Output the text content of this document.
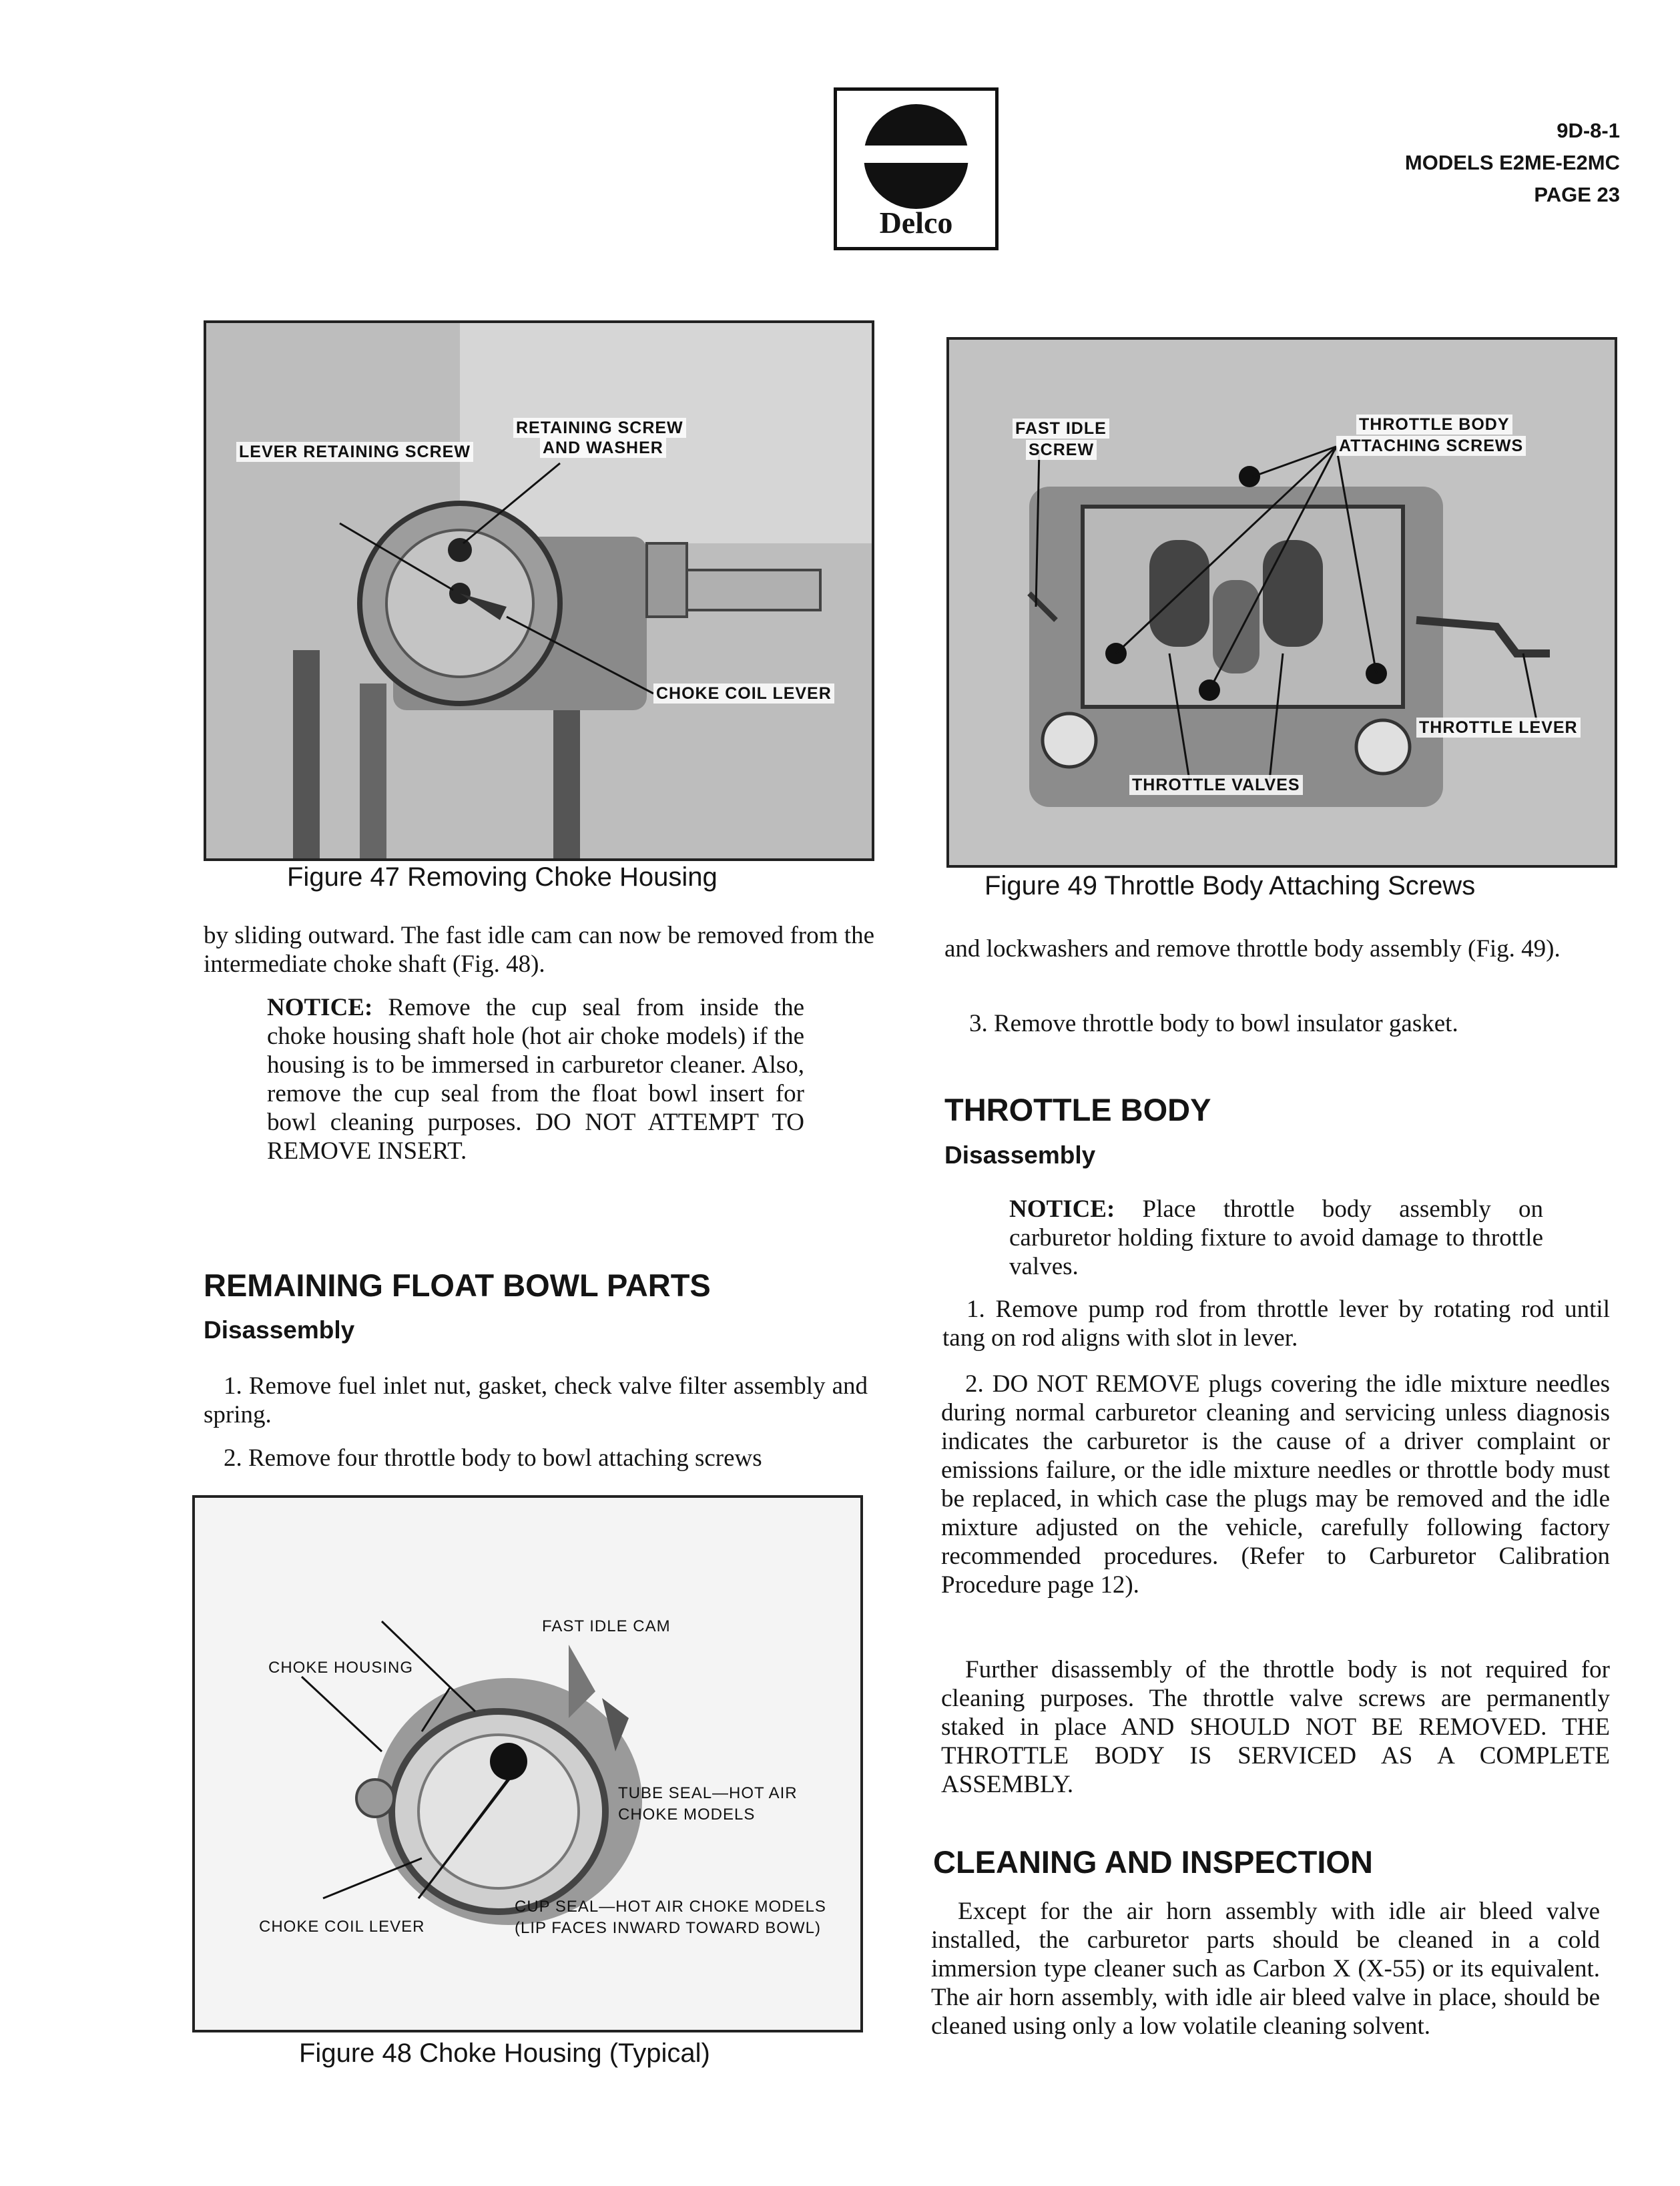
Delco
9D-8-1
MODELS E2ME-E2MC
PAGE 23
LEVER RETAINING SCREW
RETAINING SCREW
AND WASHER
CHOKE COIL LEVER
Figure 47 Removing Choke Housing
FAST IDLE
SCREW
THROTTLE BODY
ATTACHING SCREWS
THROTTLE LEVER
THROTTLE VALVES
Figure 49 Throttle Body Attaching Screws
by sliding outward. The fast idle cam can now be removed from the intermediate choke shaft (Fig. 48).
NOTICE: Remove the cup seal from inside the choke housing shaft hole (hot air choke models) if the housing is to be immersed in carburetor cleaner. Also, remove the cup seal from the float bowl insert for bowl cleaning purposes. DO NOT ATTEMPT TO REMOVE INSERT.
REMAINING FLOAT BOWL PARTS
Disassembly
1. Remove fuel inlet nut, gasket, check valve filter assembly and spring.
2. Remove four throttle body to bowl attaching screws
FAST IDLE CAM
CHOKE HOUSING
TUBE SEAL—HOT AIR
CHOKE MODELS
CHOKE COIL LEVER
CUP SEAL—HOT AIR CHOKE MODELS
(LIP FACES INWARD TOWARD BOWL)
Figure 48 Choke Housing (Typical)
and lockwashers and remove throttle body assembly (Fig. 49).
3. Remove throttle body to bowl insulator gasket.
THROTTLE BODY
Disassembly
NOTICE: Place throttle body assembly on carburetor holding fixture to avoid damage to throttle valves.
1. Remove pump rod from throttle lever by rotating rod until tang on rod aligns with slot in lever.
2. DO NOT REMOVE plugs covering the idle mixture needles during normal carburetor cleaning and servicing unless diagnosis indicates the carburetor is the cause of a driver complaint or emissions failure, or the idle mixture needles or throttle body must be replaced, in which case the plugs may be removed and the idle mixture adjusted on the vehicle, carefully following factory recommended procedures. (Refer to Carburetor Calibration Procedure page 12).
Further disassembly of the throttle body is not required for cleaning purposes. The throttle valve screws are permanently staked in place AND SHOULD NOT BE REMOVED. THE THROTTLE BODY IS SERVICED AS A COMPLETE ASSEMBLY.
CLEANING AND INSPECTION
Except for the air horn assembly with idle air bleed valve installed, the carburetor parts should be cleaned in a cold immersion type cleaner such as Carbon X (X-55) or its equivalent. The air horn assembly, with idle air bleed valve in place, should be cleaned using only a low volatile cleaning solvent.
